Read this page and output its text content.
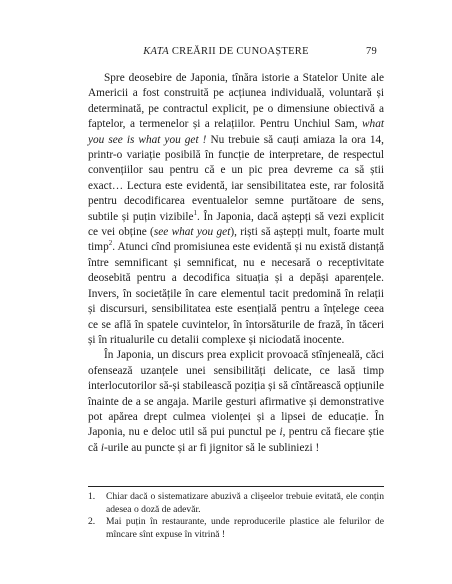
KATA CREĂRII DE CUNOAȘTERE	79

Spre deosebire de Japonia, tînăra istorie a Statelor Unite ale Americii a fost construită pe acțiunea individuală, voluntară și determinată, pe contractul explicit, pe o dimensiune obiectivă a faptelor, a termenelor și a relațiilor. Pentru Unchiul Sam, what you see is what you get ! Nu trebuie să cauți amiaza la ora 14, printr-o variație posibilă în funcție de interpretare, de respectul convențiilor sau pentru că e un pic prea devreme ca să știi exact… Lectura este evidentă, iar sensibilitatea este, rar folosită pentru decodificarea eventualelor semne purtătoare de sens, subtile și puțin vizibile$^1$. În Japonia, dacă aștepți să vezi explicit ce vei obține (see what you get), riști să aștepți mult, foarte mult timp$^2$. Atunci cînd promisiunea este evidentă și nu există distanță între semnificant și semnificat, nu e necesară o receptivitate deosebită pentru a decodifica situația și a depăși aparențele. Invers, în societățile în care elementul tacit predomină în relații și discursuri, sensibilitatea este esențială pentru a înțelege ceea ce se află în spatele cuvintelor, în întorsăturile de frază, în tăceri și în ritualurile cu detalii complexe și niciodată inocente.

În Japonia, un discurs prea explicit provoacă stînjeneală, căci ofensează uzanțele unei sensibilități delicate, ce lasă timp interlocutorilor să-și stabilească poziția și să cîntărească opțiunile înainte de a se angaja. Marile gesturi afirmative și demonstrative pot apărea drept culmea violenței și a lipsei de educație. În Japonia, nu e deloc util să pui punctul pe i, pentru că fiecare știe că i-urile au puncte și ar fi jignitor să le subliniezi !

1. Chiar dacă o sistematizare abuzivă a clișeelor trebuie evitată, ele conțin adesea o doză de adevăr.

2. Mai puțin în restaurante, unde reproducerile plastice ale felurilor de mîncare sînt expuse în vitrină !
